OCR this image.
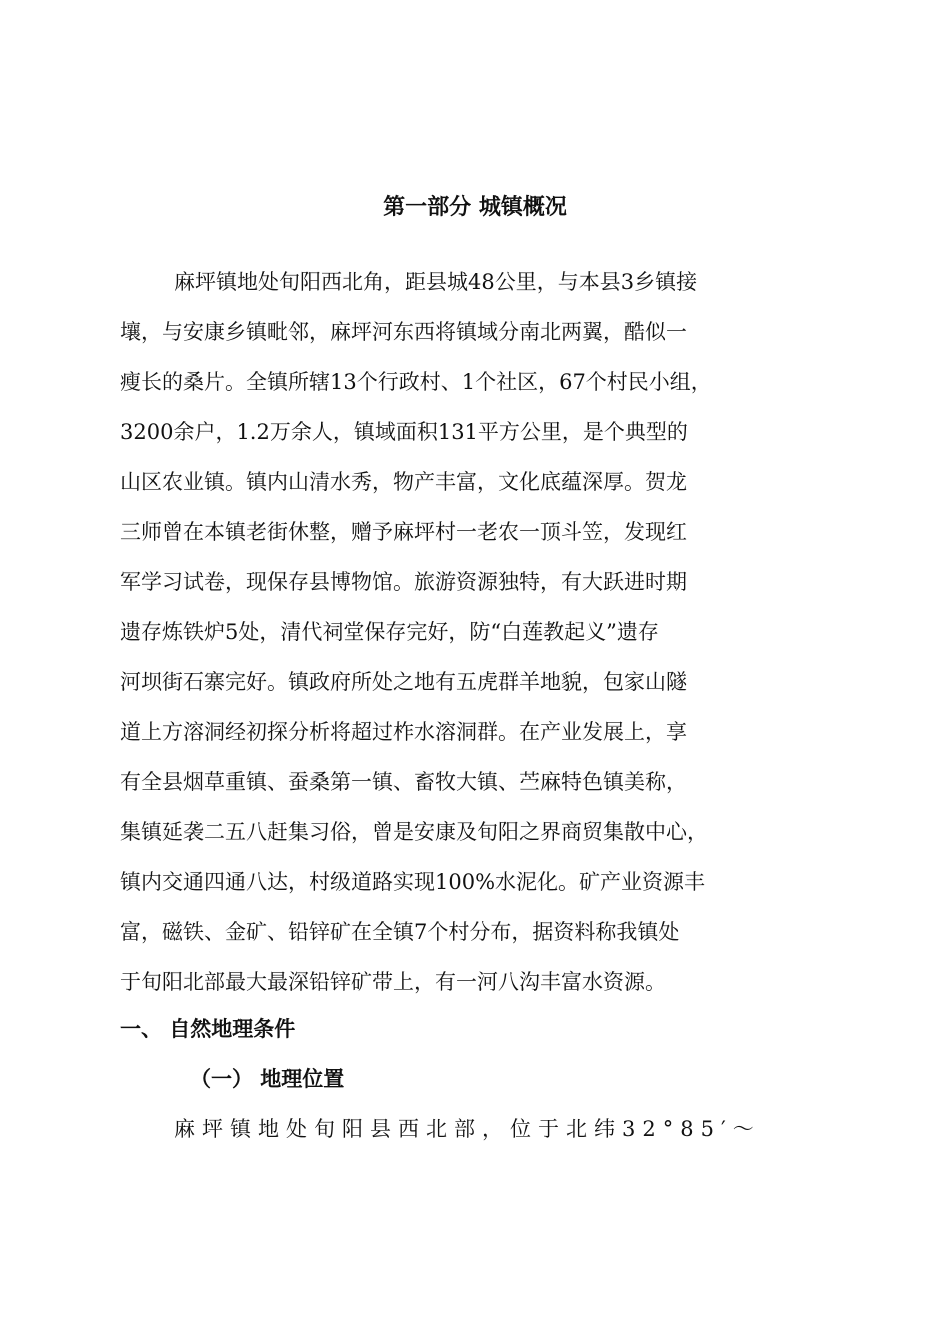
第一部分 城镇概况
麻坪镇地处旬阳西北角，距县城48公里，与本县3乡镇接
壤，与安康乡镇毗邻，麻坪河东西将镇域分南北两翼，酷似一
瘦长的桑片。全镇所辖13个行政村、1个社区，67个村民小组，
3200余户，1.2万余人，镇域面积131平方公里，是个典型的
山区农业镇。镇内山清水秀，物产丰富，文化底蕴深厚。贺龙
三师曾在本镇老街休整，赠予麻坪村一老农一顶斗笠，发现红
军学习试卷，现保存县博物馆。旅游资源独特，有大跃进时期
遗存炼铁炉5处，清代祠堂保存完好，防“白莲教起义”遗存
河坝街石寨完好。镇政府所处之地有五虎群羊地貌，包家山隧
道上方溶洞经初探分析将超过柞水溶洞群。在产业发展上，享
有全县烟草重镇、蚕桑第一镇、畜牧大镇、苎麻特色镇美称，
集镇延袭二五八赶集习俗，曾是安康及旬阳之界商贸集散中心，
镇内交通四通八达，村级道路实现100%水泥化。矿产业资源丰
富，磁铁、金矿、铅锌矿在全镇7个村分布，据资料称我镇处
于旬阳北部最大最深铅锌矿带上，有一河八沟丰富水资源。
一、 自然地理条件
（一） 地理位置
麻坪镇地处旬阳县西北部，位于北纬32°85′～
